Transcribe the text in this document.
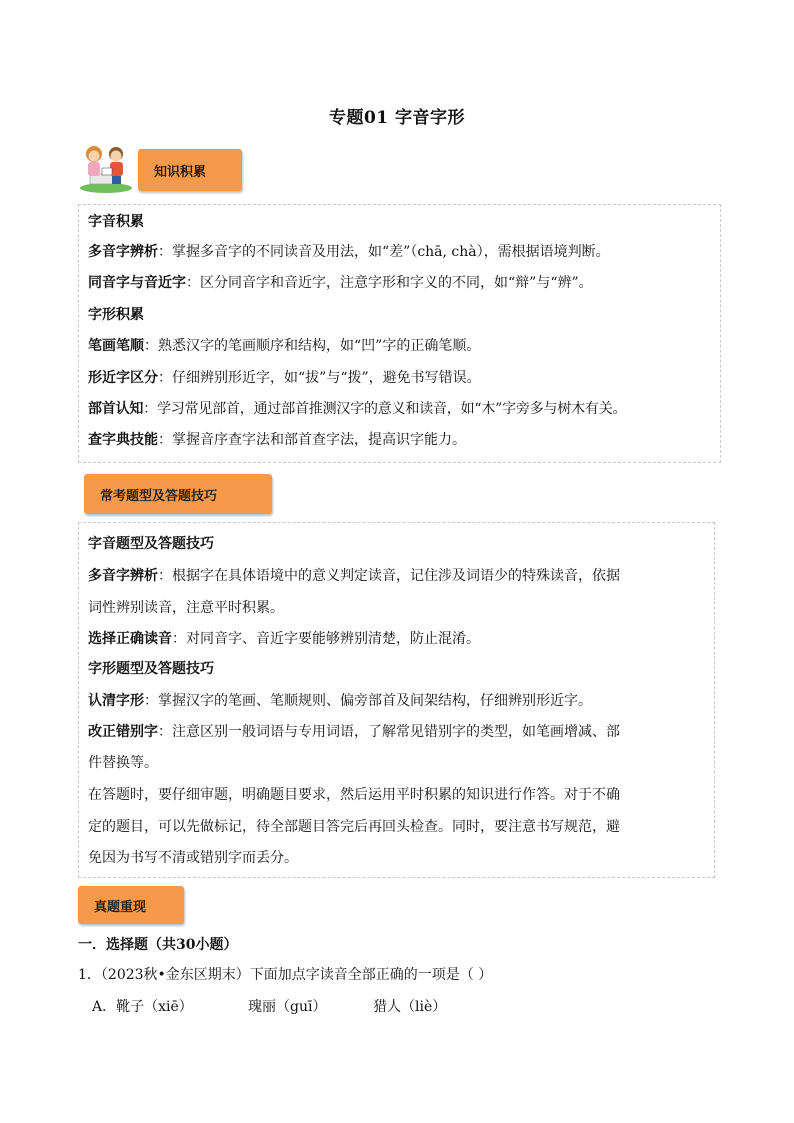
专题01 字音字形
知识积累
字音积累
多音字辨析：掌握多音字的不同读音及用法，如“差”（chā, chà），需根据语境判断。
同音字与音近字：区分同音字和音近字，注意字形和字义的不同，如“辩”与“辨”。
字形积累
笔画笔顺：熟悉汉字的笔画顺序和结构，如“凹”字的正确笔顺。
形近字区分：仔细辨别形近字，如“拔”与“拨”，避免书写错误。
部首认知：学习常见部首，通过部首推测汉字的意义和读音，如“木”字旁多与树木有关。
查字典技能：掌握音序查字法和部首查字法，提高识字能力。
常考题型及答题技巧
字音题型及答题技巧
多音字辨析：根据字在具体语境中的意义判定读音，记住涉及词语少的特殊读音，依据
词性辨别读音，注意平时积累。
选择正确读音：对同音字、音近字要能够辨别清楚，防止混淆。
字形题型及答题技巧
认清字形：掌握汉字的笔画、笔顺规则、偏旁部首及间架结构，仔细辨别形近字。
改正错别字：注意区别一般词语与专用词语，了解常见错别字的类型，如笔画增减、部
件替换等。
在答题时，要仔细审题，明确题目要求，然后运用平时积累的知识进行作答。对于不确
定的题目，可以先做标记，待全部题目答完后再回头检查。同时，要注意书写规范，避
免因为书写不清或错别字而丢分。
真题重现
一．选择题（共30小题）
1．（2023秋•金东区期末）下面加点字读音全部正确的一项是（ ）
A．靴子（xiē）	瑰丽（guī）	猎人（liè）
